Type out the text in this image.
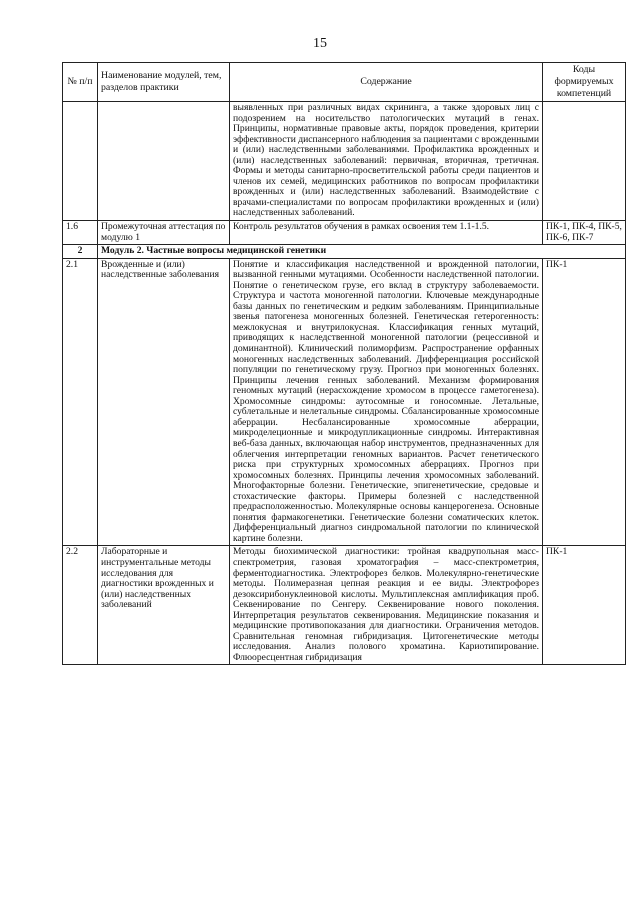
15
№ п/п	Наименование модулей, тем, разделов практики	Содержание	Коды формируемых компетенций
		выявленных при различных видах скрининга, а также здоровых лиц с подозрением на носительство патологических мутаций в генах. Принципы, нормативные правовые акты, порядок проведения, критерии эффективности диспансерного наблюдения за пациентами с врожденными и (или) наследственными заболеваниями. Профилактика врожденных и (или) наследственных заболеваний: первичная, вторичная, третичная. Формы и методы санитарно-просветительской работы среди пациентов и членов их семей, медицинских работников по вопросам профилактики врожденных и (или) наследственных заболеваний. Взаимодействие с врачами-специалистами по вопросам профилактики врожденных и (или) наследственных заболеваний.	
1.6	Промежуточная аттестация по модулю 1	Контроль результатов обучения в рамках освоения тем 1.1-1.5.	ПК-1, ПК-4, ПК-5, ПК-6, ПК-7
2	Модуль 2. Частные вопросы медицинской генетики		
2.1	Врожденные и (или) наследственные заболевания	Понятие и классификация наследственной и врожденной патологии, вызванной генными мутациями. Особенности наследственной патологии. Понятие о генетическом грузе, его вклад в структуру заболеваемости. Структура и частота моногенной патологии. Ключевые международные базы данных по генетическим и редким заболеваниям. Принципиальные звенья патогенеза моногенных болезней. Генетическая гетерогенность: межлокусная и внутрилокусная. Классификация генных мутаций, приводящих к наследственной моногенной патологии (рецессивной и доминантной). Клинический полиморфизм. Распространение орфанных моногенных наследственных заболеваний. Дифференциация российской популяции по генетическому грузу. Прогноз при моногенных болезнях. Принципы лечения генных заболеваний. Механизм формирования геномных мутаций (нерасхождение хромосом в процессе гаметогенеза). Хромосомные синдромы: аутосомные и гоносомные. Летальные, сублетальные и нелетальные синдромы. Сбалансированные хромосомные аберрации. Несбалансированные хромосомные аберрации, микроделеционные и микродупликационные синдромы. Интерактивная веб-база данных, включающая набор инструментов, предназначенных для облегчения интерпретации геномных вариантов. Расчет генетического риска при структурных хромосомных аберрациях. Прогноз при хромосомных болезнях. Принципы лечения хромосомных заболеваний. Многофакторные болезни. Генетические, эпигенетические, средовые и стохастические факторы. Примеры болезней с наследственной предрасположенностью. Молекулярные основы канцерогенеза. Основные понятия фармакогенетики. Генетические болезни соматических клеток. Дифференциальный диагноз синдромальной патологии по клинической картине болезни.	ПК-1
2.2	Лабораторные и инструментальные методы исследования для диагностики врожденных и (или) наследственных заболеваний	Методы биохимической диагностики: тройная квадрупольная масс-спектрометрия, газовая хроматография – масс-спектрометрия, ферментодиагностика. Электрофорез белков. Молекулярно-генетические методы. Полимеразная цепная реакция и ее виды. Электрофорез дезоксирибонуклеиновой кислоты. Мультиплексная амплификация проб. Секвенирование по Сенгеру. Секвенирование нового поколения. Интерпретация результатов секвенирования. Медицинские показания и медицинские противопоказания для диагностики. Ограничения методов. Сравнительная геномная гибридизация. Цитогенетические методы исследования. Анализ полового хроматина. Кариотипирование. Флюоресцентная гибридизация	ПК-1
